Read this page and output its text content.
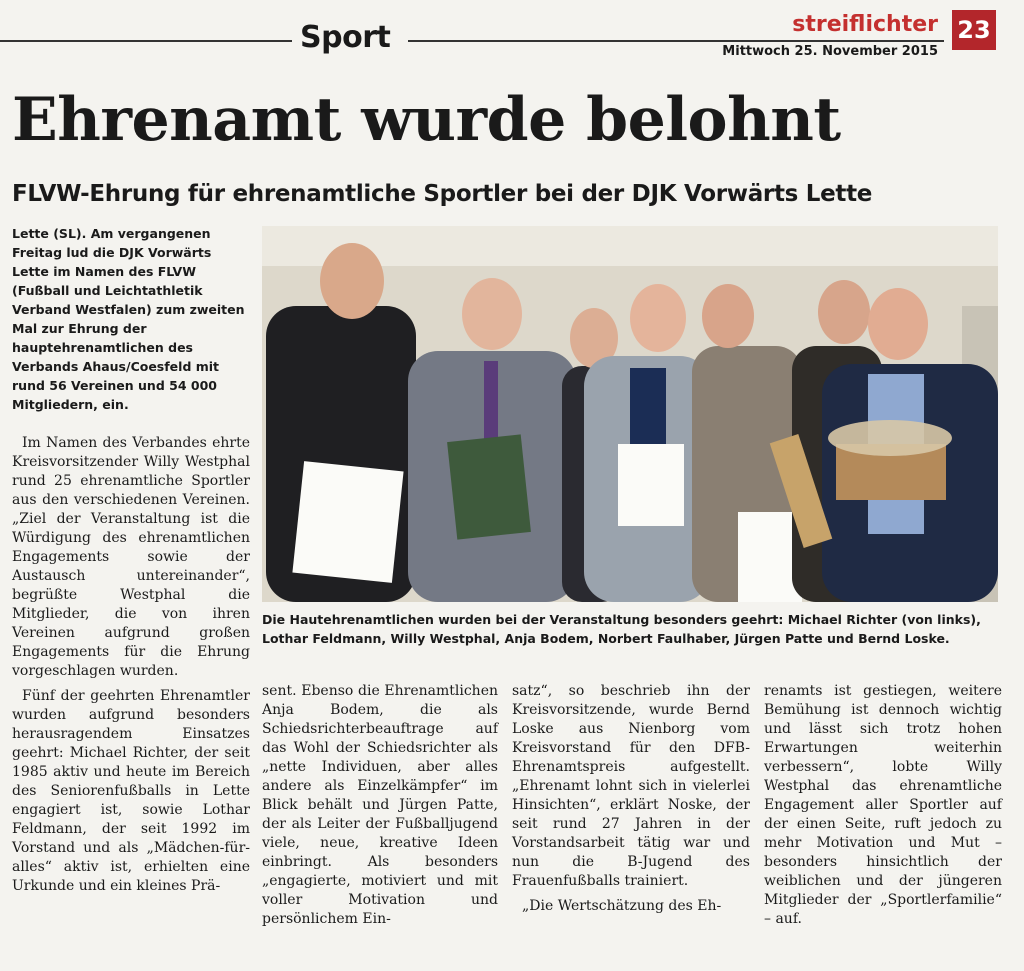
Sport	streiflichter
Mittwoch 25. November 2015
23
Ehrenamt wurde belohnt
FLVW-Ehrung für ehrenamtliche Sportler bei der DJK Vorwärts Lette

Lette (SL). Am vergangenen Freitag lud die DJK Vorwärts Lette im Namen des FLVW (Fußball und Leichtathletik Verband Westfalen) zum zweiten Mal zur Ehrung der hauptehrenamtlichen des Verbands Ahaus/Coesfeld mit rund 56 Vereinen und 54 000 Mitgliedern, ein.

Im Namen des Verbandes ehrte Kreisvorsitzender Willy Westphal rund 25 ehrenamtliche Sportler aus den verschiedenen Vereinen. „Ziel der Veranstaltung ist die Würdigung des ehrenamtlichen Engagements sowie der Austausch untereinander“, begrüßte Westphal die Mitglieder, die von ihren Vereinen aufgrund großen Engagements für die Ehrung vorgeschlagen wurden.

Fünf der geehrten Ehrenamtler wurden aufgrund besonders herausragendem Einsatzes geehrt: Michael Richter, der seit 1985 aktiv und heute im Bereich des Seniorenfußballs in Lette engagiert ist, sowie Lothar Feldmann, der seit 1992 im Vorstand und als „Mädchen-für-alles“ aktiv ist, erhielten eine Urkunde und ein kleines Prä-

Die Hautehrenamtlichen wurden bei der Veranstaltung besonders geehrt: Michael Richter (von links), Lothar Feldmann, Willy Westphal, Anja Bodem, Norbert Faulhaber, Jürgen Patte und Bernd Loske.

sent. Ebenso die Ehrenamtlichen Anja Bodem, die als Schiedsrichterbeauftrage auf das Wohl der Schiedsrichter als „nette Individuen, aber alles andere als Einzelkämpfer“ im Blick behält und Jürgen Patte, der als Leiter der Fußballjugend viele, neue, kreative Ideen einbringt. Als besonders „engagierte, motiviert und mit voller Motivation und persönlichem Ein-

satz“, so beschrieb ihn der Kreisvorsitzende, wurde Bernd Loske aus Nienborg vom Kreisvorstand für den DFB-Ehrenamtspreis aufgestellt. „Ehrenamt lohnt sich in vielerlei Hinsichten“, erklärt Noske, der seit rund 27 Jahren in der Vorstandsarbeit tätig war und nun die B-Jugend des Frauenfußballs trainiert.

„Die Wertschätzung des Eh-

renamts ist gestiegen, weitere Bemühung ist dennoch wichtig und lässt sich trotz hohen Erwartungen weiterhin verbessern“, lobte Willy Westphal das ehrenamtliche Engagement aller Sportler auf der einen Seite, ruft jedoch zu mehr Motivation und Mut – besonders hinsichtlich der weiblichen und der jüngeren Mitglieder der „Sportlerfamilie“ – auf.
